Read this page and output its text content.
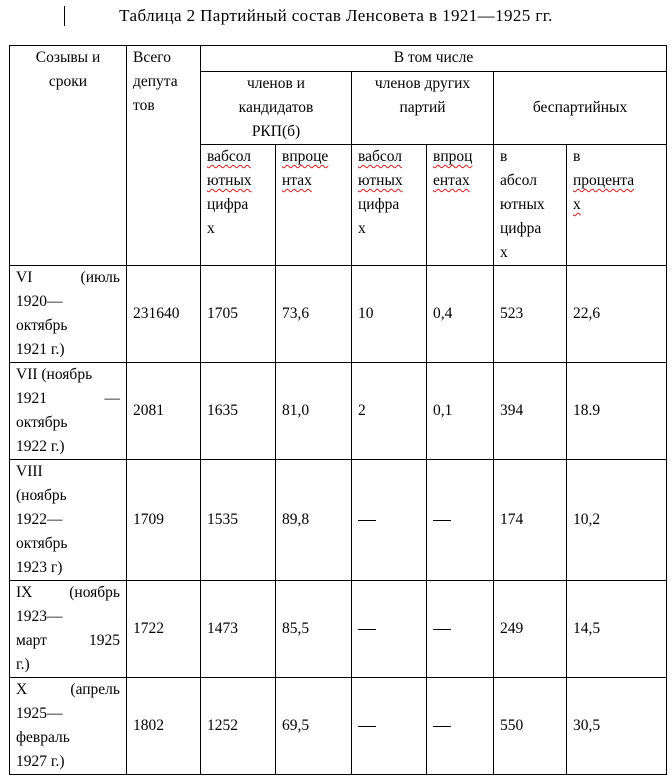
Таблица 2 Партийный состав Ленсовета в 1921—1925 гг.
Созывы и
сроки	Всего
депута
тов	В том числе					

		членов и
кандидатов
РКП(б)		членов других
партий		беспартийных	

		вабсол
ютных
цифра
х	впроце
нтах	вабсол
ютных
цифра
х	впроц
ентах	в
абсол
ютных
цифра
х	в
процента
х

VI (июль
1920—
октябрь
1921 г.)	231640	1705	73,6	10	0,4	523	22,6

VII (ноябрь
1921 —
октябрь
1922 г.)	2081	1635	81,0	2	0,1	394	18.9

VIII
(ноябрь
1922—
октябрь
1923 г)	1709	1535	89,8			174	10,2

IX (ноябрь
1923—
март 1925
г.)	1722	1473	85,5			249	14,5

X (апрель
1925—
февраль
1927 г.)	1802	1252	69,5			550	30,5
